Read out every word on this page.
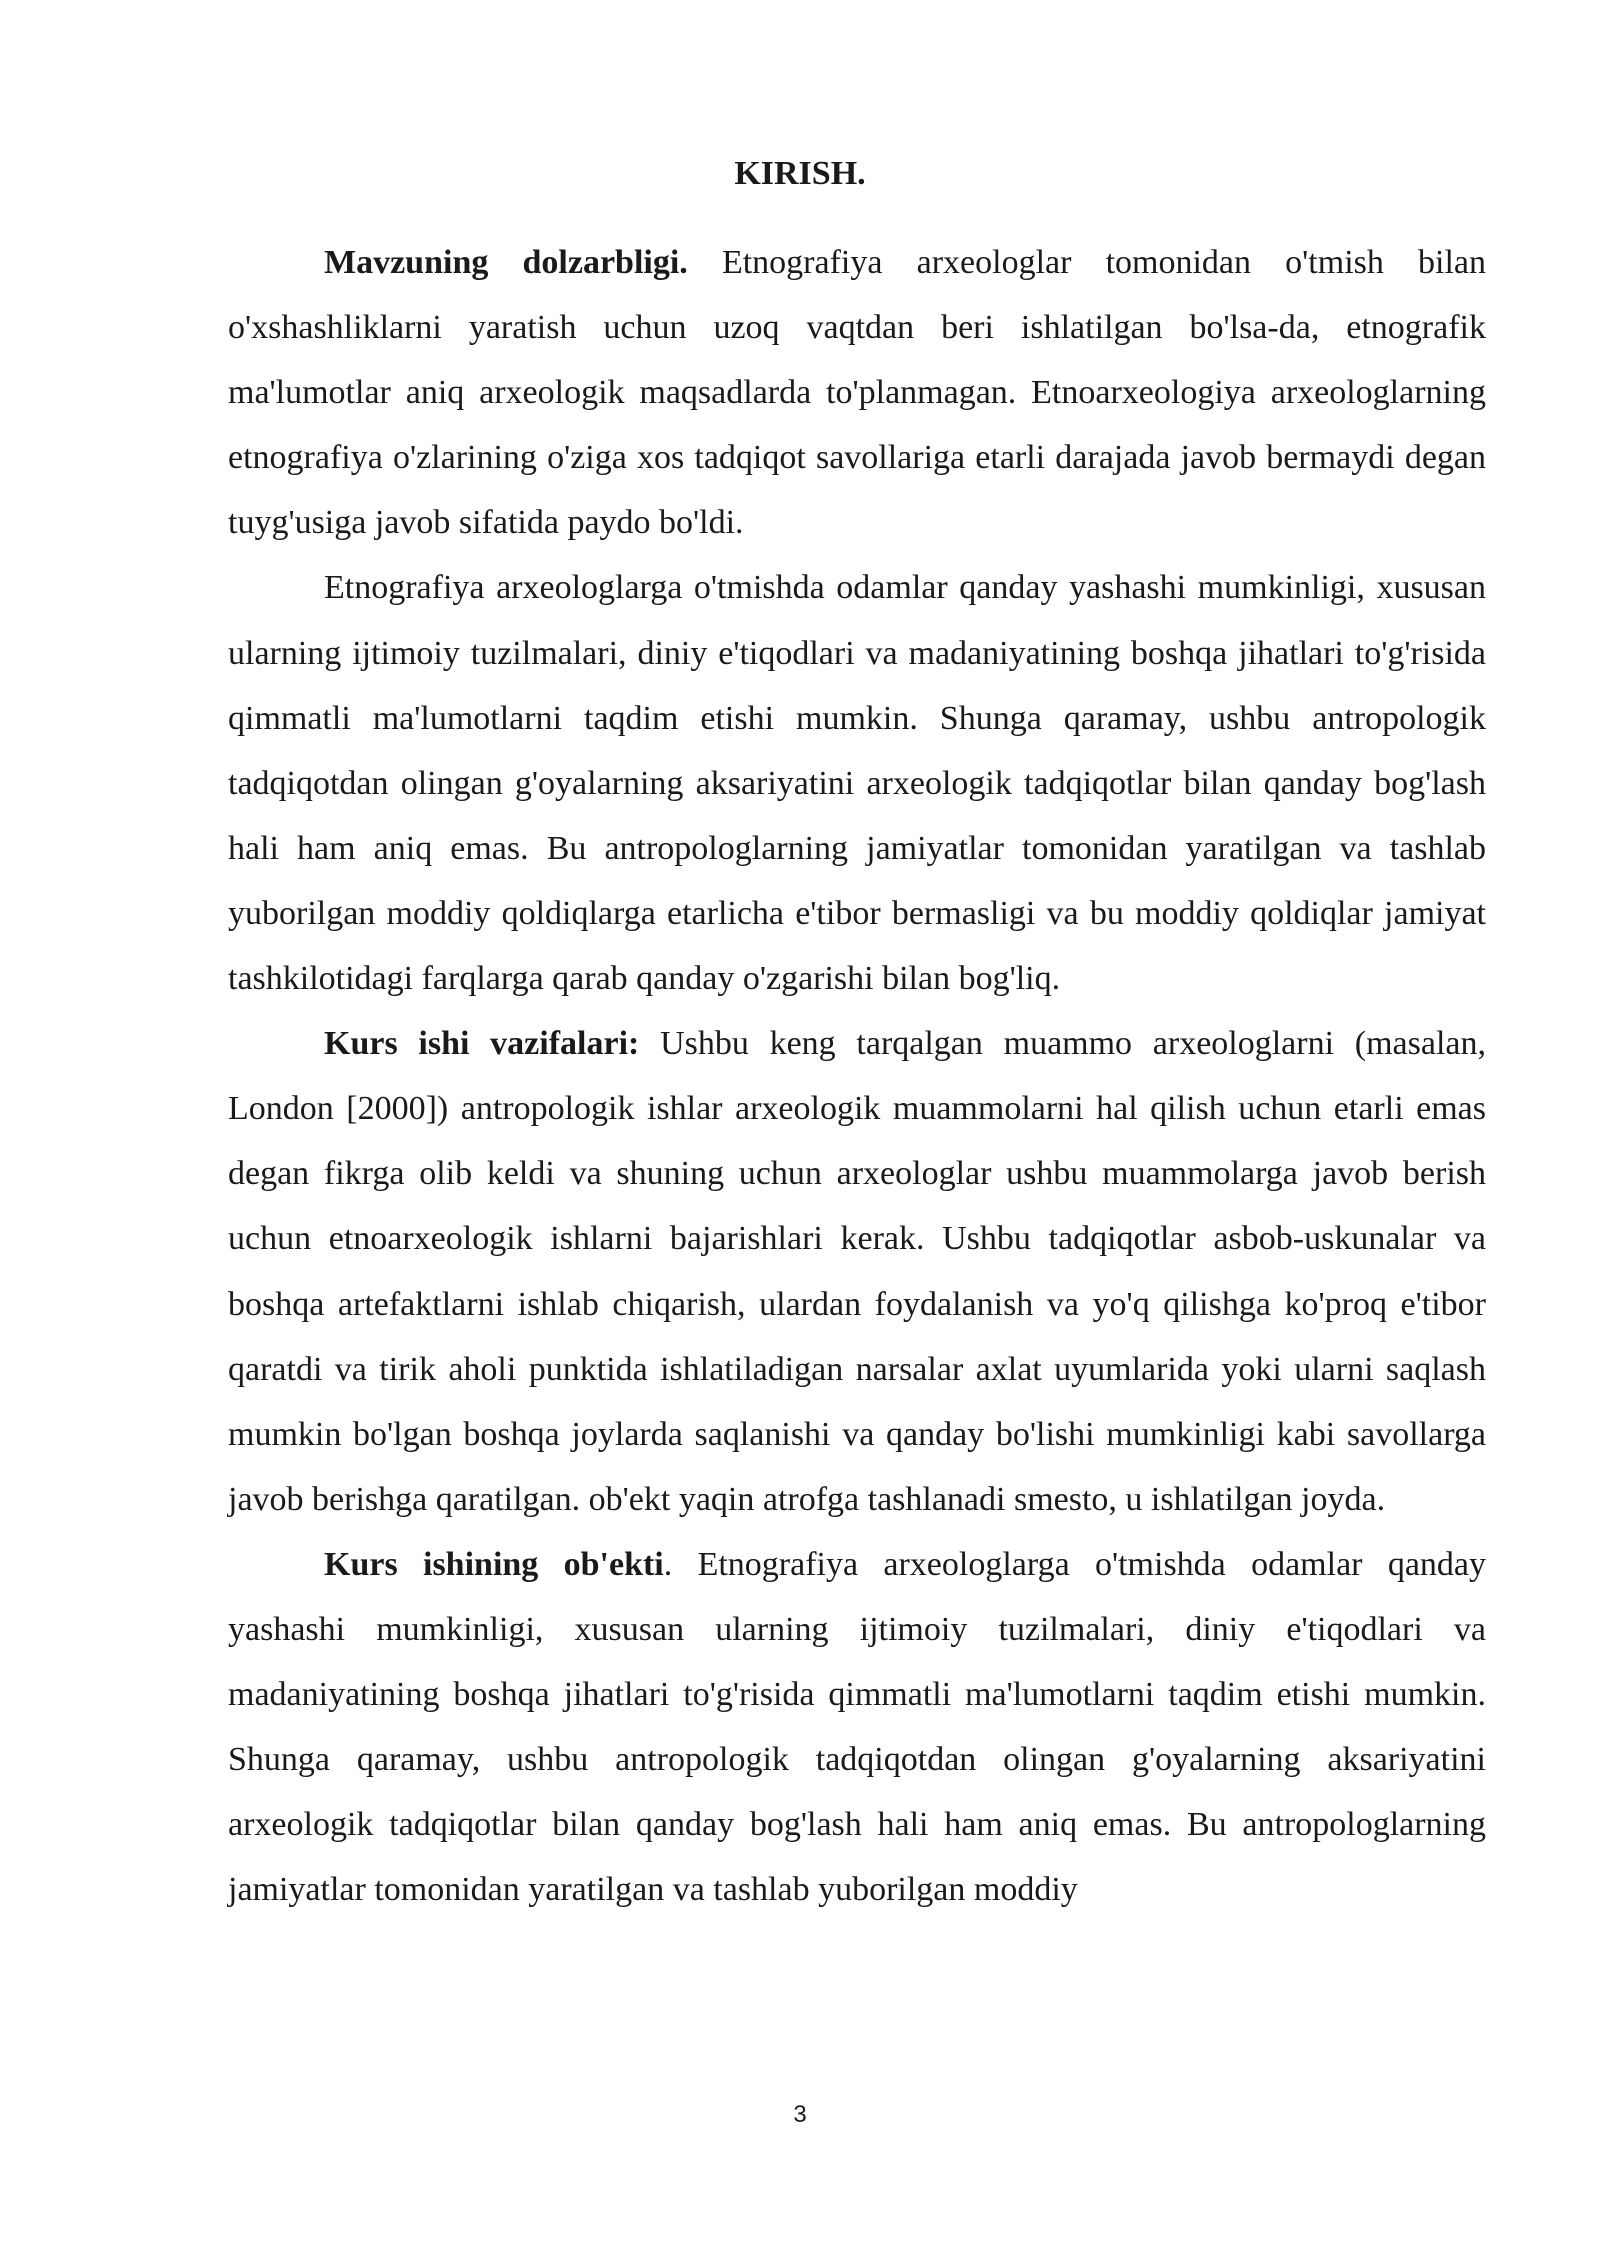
KIRISH.

Mavzuning dolzarbligi. Etnografiya arxeologlar tomonidan o'tmish bilan o'xshashliklarni yaratish uchun uzoq vaqtdan beri ishlatilgan bo'lsa-da, etnografik ma'lumotlar aniq arxeologik maqsadlarda to'planmagan. Etnoarxeologiya arxeologlarning etnografiya o'zlarining o'ziga xos tadqiqot savollariga etarli darajada javob bermaydi degan tuyg'usiga javob sifatida paydo bo'ldi.

Etnografiya arxeologlarga o'tmishda odamlar qanday yashashi mumkinligi, xususan ularning ijtimoiy tuzilmalari, diniy e'tiqodlari va madaniyatining boshqa jihatlari to'g'risida qimmatli ma'lumotlarni taqdim etishi mumkin. Shunga qaramay, ushbu antropologik tadqiqotdan olingan g'oyalarning aksariyatini arxeologik tadqiqotlar bilan qanday bog'lash hali ham aniq emas. Bu antropologlarning jamiyatlar tomonidan yaratilgan va tashlab yuborilgan moddiy qoldiqlarga etarlicha e'tibor bermasligi va bu moddiy qoldiqlar jamiyat tashkilotidagi farqlarga qarab qanday o'zgarishi bilan bog'liq.

Kurs ishi vazifalari: Ushbu keng tarqalgan muammo arxeologlarni (masalan, London [2000]) antropologik ishlar arxeologik muammolarni hal qilish uchun etarli emas degan fikrga olib keldi va shuning uchun arxeologlar ushbu muammolarga javob berish uchun etnoarxeologik ishlarni bajarishlari kerak. Ushbu tadqiqotlar asbob-uskunalar va boshqa artefaktlarni ishlab chiqarish, ulardan foydalanish va yo'q qilishga ko'proq e'tibor qaratdi va tirik aholi punktida ishlatiladigan narsalar axlat uyumlarida yoki ularni saqlash mumkin bo'lgan boshqa joylarda saqlanishi va qanday bo'lishi mumkinligi kabi savollarga javob berishga qaratilgan. ob'ekt yaqin atrofga tashlanadi smesto, u ishlatilgan joyda.

Kurs ishining ob'ekti. Etnografiya arxeologlarga o'tmishda odamlar qanday yashashi mumkinligi, xususan ularning ijtimoiy tuzilmalari, diniy e'tiqodlari va madaniyatining boshqa jihatlari to'g'risida qimmatli ma'lumotlarni taqdim etishi mumkin. Shunga qaramay, ushbu antropologik tadqiqotdan olingan g'oyalarning aksariyatini arxeologik tadqiqotlar bilan qanday bog'lash hali ham aniq emas. Bu antropologlarning jamiyatlar tomonidan yaratilgan va tashlab yuborilgan moddiy

3
